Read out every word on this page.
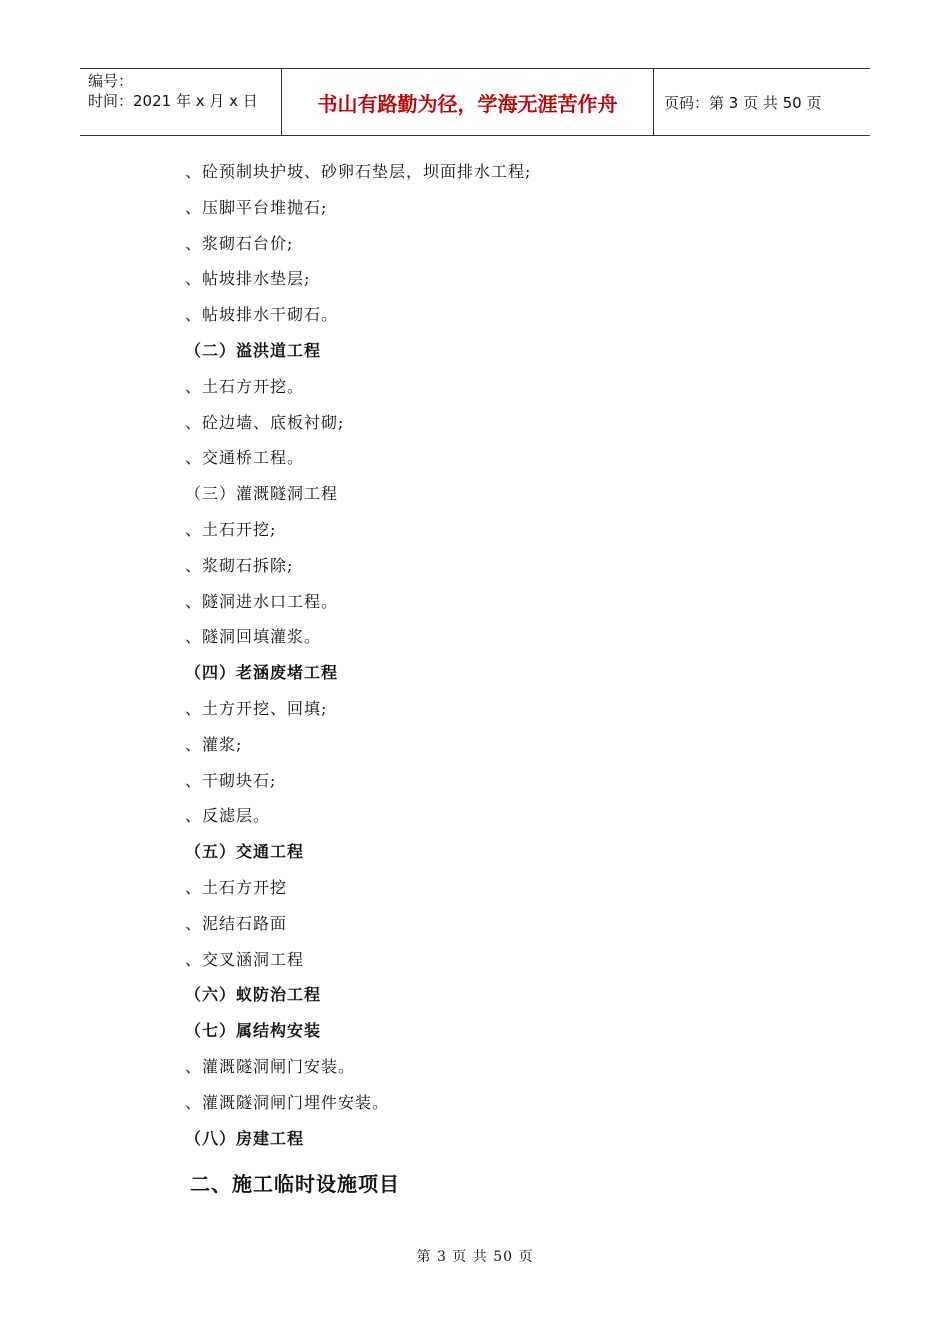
编号：
时间：2021 年 x 月 x 日	书山有路勤为径，学海无涯苦作舟	页码：第 3 页 共 50 页
、砼预制块护坡、砂卵石垫层，坝面排水工程;
、压脚平台堆抛石;
、浆砌石台价;
、帖坡排水垫层;
、帖坡排水干砌石。
（二）溢洪道工程
、土石方开挖。
、砼边墙、底板衬砌;
、交通桥工程。
（三）灌溉隧洞工程
、土石开挖;
、浆砌石拆除;
、隧洞进水口工程。
、隧洞回填灌浆。
（四）老涵废堵工程
、土方开挖、回填;
、灌浆;
、干砌块石;
、反滤层。
（五）交通工程
、土石方开挖
、泥结石路面
、交叉涵洞工程
（六）蚁防治工程
（七）属结构安装
、灌溉隧洞闸门安装。
、灌溉隧洞闸门埋件安装。
（八）房建工程
二、施工临时设施项目
第 3 页 共 50 页
